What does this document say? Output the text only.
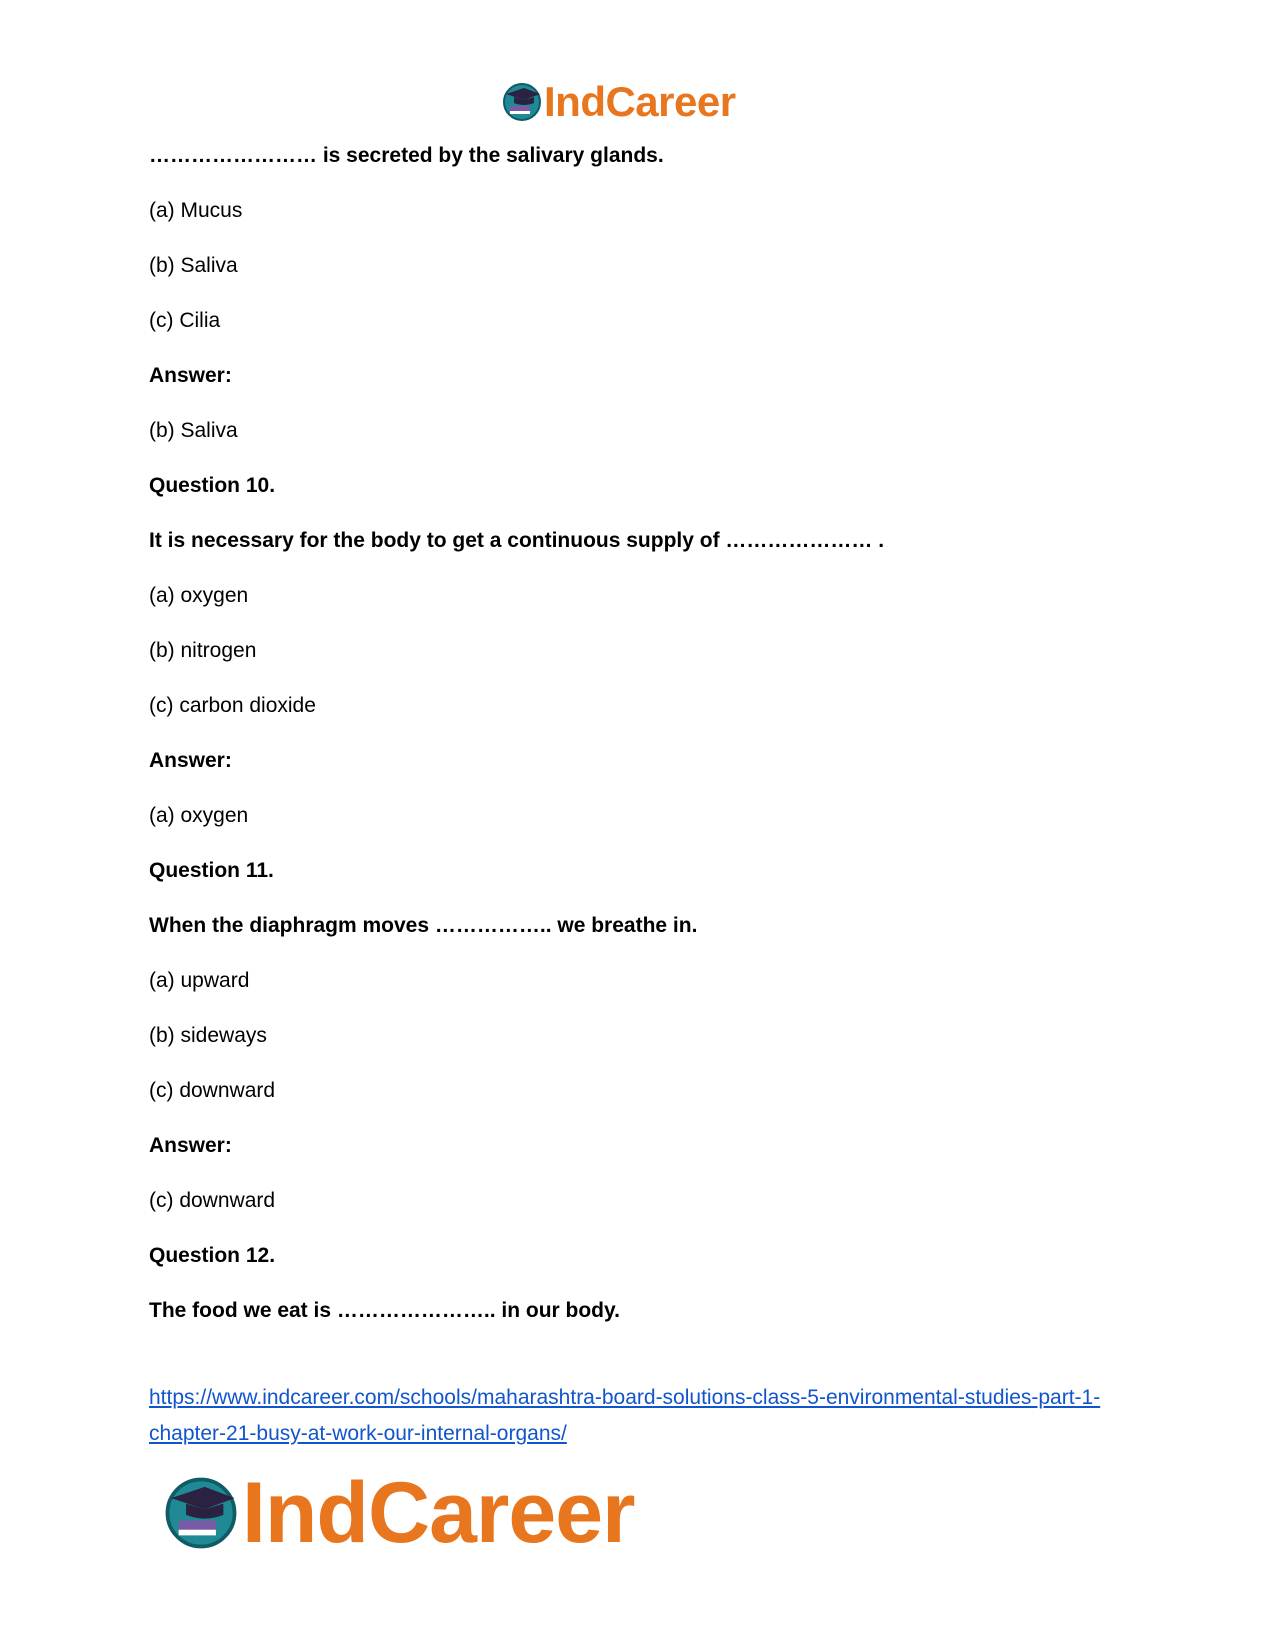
IndCareer
…………………… is secreted by the salivary glands.
(a) Mucus
(b) Saliva
(c) Cilia
Answer:
(b) Saliva
Question 10.
It is necessary for the body to get a continuous supply of ………………… .
(a) oxygen
(b) nitrogen
(c) carbon dioxide
Answer:
(a) oxygen
Question 11.
When the diaphragm moves …………….. we breathe in.
(a) upward
(b) sideways
(c) downward
Answer:
(c) downward
Question 12.
The food we eat is ………………….. in our body.
https://www.indcareer.com/schools/maharashtra-board-solutions-class-5-environmental-studies-part-1-chapter-21-busy-at-work-our-internal-organs/
IndCareer
